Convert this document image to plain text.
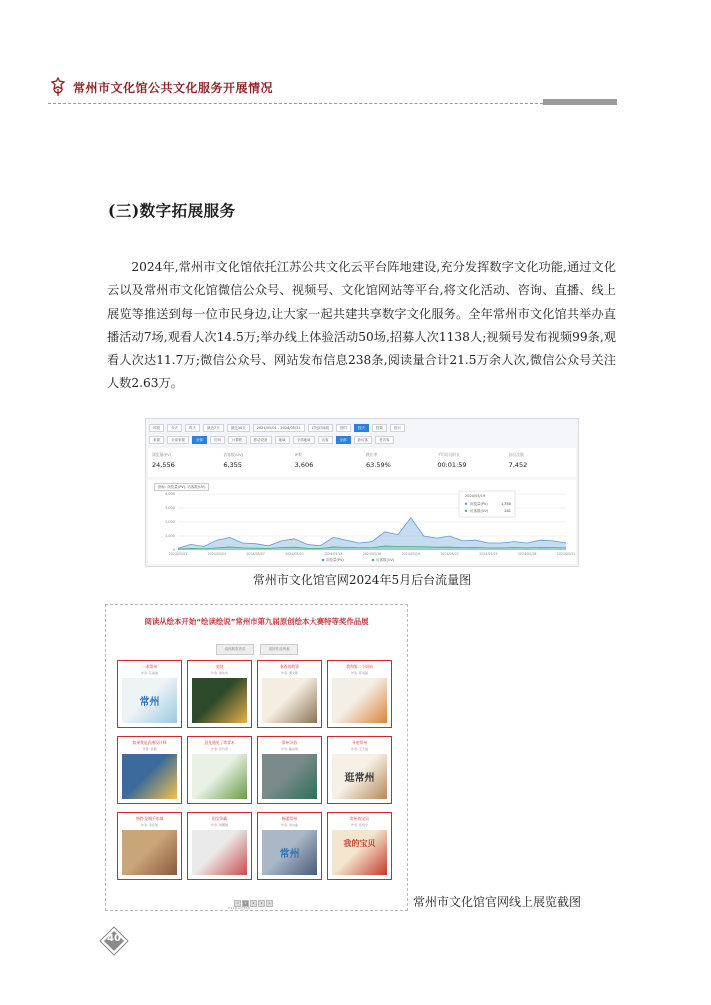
常州市文化馆公共文化服务开展情况
(三)数字拓展服务

2024年,常州市文化馆依托江苏公共文化云平台阵地建设,充分发挥数字文化功能,通过文化云以及常州市文化馆微信公众号、视频号、文化馆网站等平台,将文化活动、咨询、直播、线上展览等推送到每一位市民身边,让大家一起共建共享数字文化服务。全年常州市文化馆共举办直播活动7场,观看人次14.5万;举办线上体验活动50场,招募人次1138人;视频号发布视频99条,观看人次达11.7万;微信公众号、网站发布信息238条,阅读量合计21.5万余人次,微信公众号关注人数2.63万。

时段	今天	昨天	最近7天	最近30天	2024/05/01 - 2024/05/31	对比时间段	按时	按天	按周	按月
来源	全部来源	全部	访问	计算机	移动设备	地域	全部地域	访客	全部	新访客	老访客
浏览量(PV)
24,556
访客数(UV)
6,355
IP数
3,606
跳出率
63.59%
平均访问时长
00:01:59
访问次数
7,452
0
1,000
2,000
3,000
4,000
2024/05/01	2024/05/04	2024/05/07	2024/05/10	2024/05/13	2024/05/16	2024/05/19	2024/05/22	2024/05/25	2024/05/28	2024/05/31
浏览量(PV)	访客数(UV)
2024/05/19
浏览量(PV)
访客数(UV)
1,350
241
指标: 浏览量(PV), 访客数(UV)
常州市文化馆官网2024年5月后台流量图
阅读从绘本开始“绘读绘说”常州市第九届原创绘本大赛特等奖作品展
返回展览首页	返回作品列表
一本常州
作者: 孔涵瑜
常州
英勃
作者: 徐佑然
春香的故事
作者: 曹文熙
我和第二个妈妈
作者: 陈雨涵
如果我是武康设计师
作者: 吴楠
恐龙遇见了常青木
作者: 张竹语
常州习俗
作者: 戴诗琪
寻迹常州
作者: 王艺晨
逛常州
茶韵·龙城千年味
作者: 李佳航
国宝争霸
作者: 周馨雅
畅游常州
作者: 沈诗涵
常州
常州的宝贝
作者: 陈悦宁
我的宝贝
<	1	2	3	>
共12条 每页12条	常州市文化馆官网线上展览截图
40
